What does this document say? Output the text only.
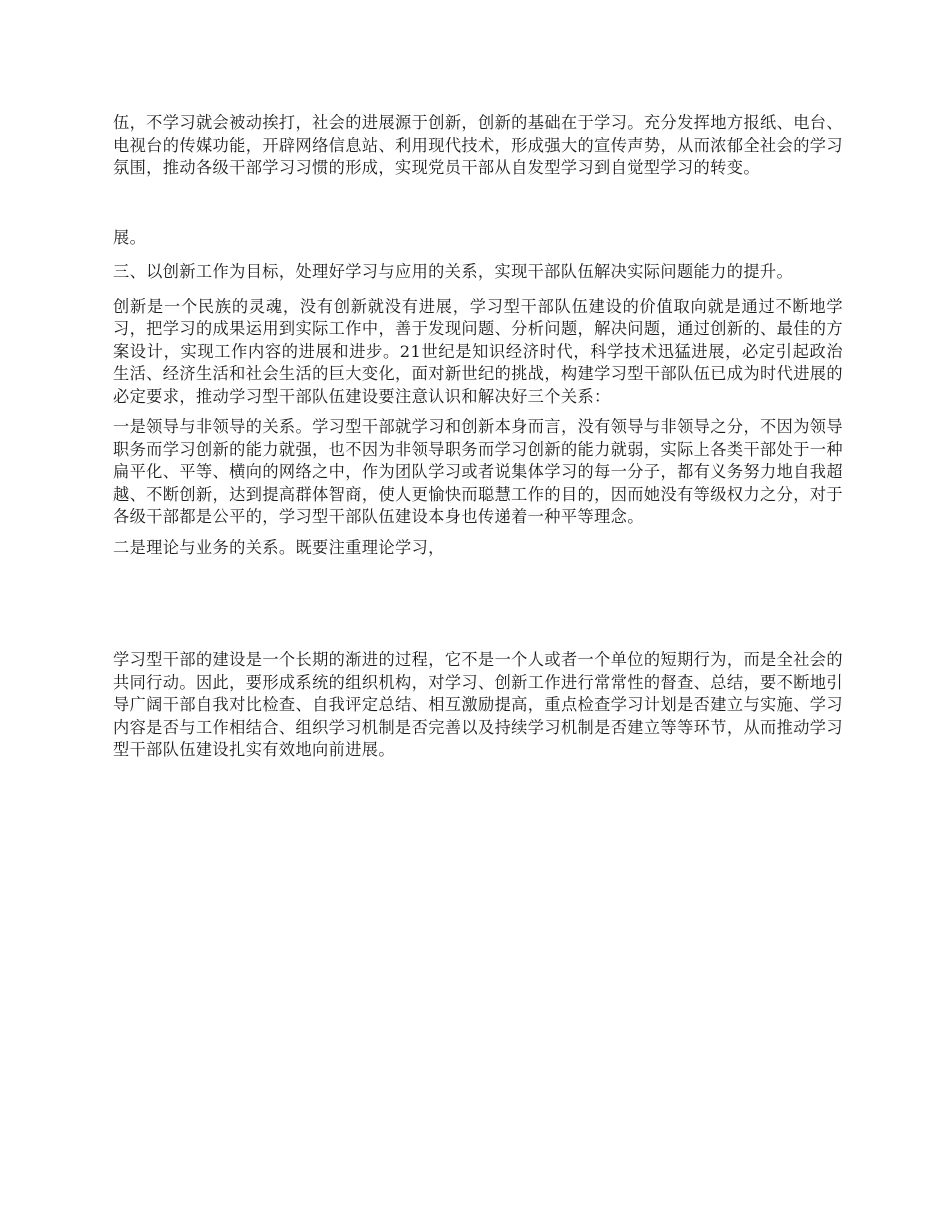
伍，不学习就会被动挨打，社会的进展源于创新，创新的基础在于学习。充分发挥地方报纸、电台、电视台的传媒功能，开辟网络信息站、利用现代技术，形成强大的宣传声势，从而浓郁全社会的学习氛围，推动各级干部学习习惯的形成，实现党员干部从自发型学习到自觉型学习的转变。

展。

三、以创新工作为目标，处理好学习与应用的关系，实现干部队伍解决实际问题能力的提升。

创新是一个民族的灵魂，没有创新就没有进展，学习型干部队伍建设的价值取向就是通过不断地学习，把学习的成果运用到实际工作中，善于发现问题、分析问题，解决问题，通过创新的、最佳的方案设计，实现工作内容的进展和进步。21世纪是知识经济时代，科学技术迅猛进展，必定引起政治生活、经济生活和社会生活的巨大变化，面对新世纪的挑战，构建学习型干部队伍已成为时代进展的必定要求，推动学习型干部队伍建设要注意认识和解决好三个关系：

一是领导与非领导的关系。学习型干部就学习和创新本身而言，没有领导与非领导之分，不因为领导职务而学习创新的能力就强，也不因为非领导职务而学习创新的能力就弱，实际上各类干部处于一种扁平化、平等、横向的网络之中，作为团队学习或者说集体学习的每一分子，都有义务努力地自我超越、不断创新，达到提高群体智商，使人更愉快而聪慧工作的目的，因而她没有等级权力之分，对于各级干部都是公平的，学习型干部队伍建设本身也传递着一种平等理念。

二是理论与业务的关系。既要注重理论学习，

学习型干部的建设是一个长期的渐进的过程，它不是一个人或者一个单位的短期行为，而是全社会的共同行动。因此，要形成系统的组织机构，对学习、创新工作进行常常性的督查、总结，要不断地引导广阔干部自我对比检查、自我评定总结、相互激励提高，重点检查学习计划是否建立与实施、学习内容是否与工作相结合、组织学习机制是否完善以及持续学习机制是否建立等等环节，从而推动学习型干部队伍建设扎实有效地向前进展。
